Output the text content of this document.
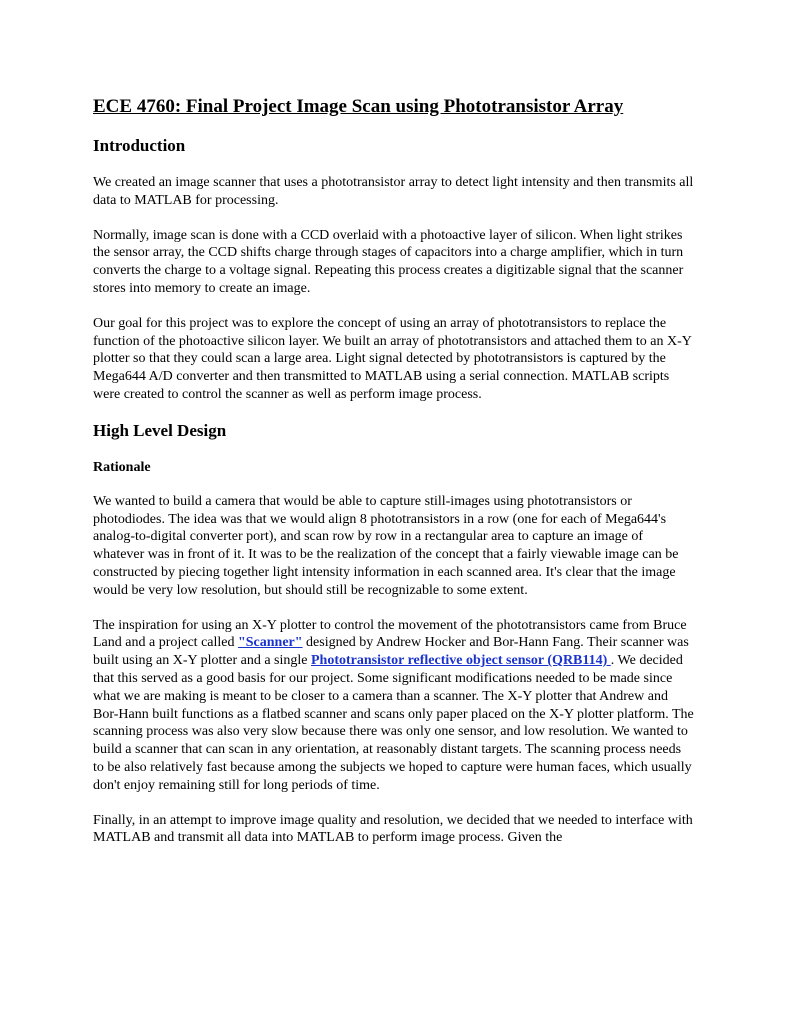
ECE 4760: Final Project Image Scan using Phototransistor Array
Introduction

We created an image scanner that uses a phototransistor array to detect light intensity and then transmits all data to MATLAB for processing.

Normally, image scan is done with a CCD overlaid with a photoactive layer of silicon. When light strikes the sensor array, the CCD shifts charge through stages of capacitors into a charge amplifier, which in turn converts the charge to a voltage signal. Repeating this process creates a digitizable signal that the scanner stores into memory to create an image.

Our goal for this project was to explore the concept of using an array of phototransistors to replace the function of the photoactive silicon layer. We built an array of phototransistors and attached them to an X-Y plotter so that they could scan a large area. Light signal detected by phototransistors is captured by the Mega644 A/D converter and then transmitted to MATLAB using a serial connection. MATLAB scripts were created to control the scanner as well as perform image process.

High Level Design
Rationale

We wanted to build a camera that would be able to capture still-images using phototransistors or photodiodes. The idea was that we would align 8 phototransistors in a row (one for each of Mega644's analog-to-digital converter port), and scan row by row in a rectangular area to capture an image of whatever was in front of it. It was to be the realization of the concept that a fairly viewable image can be constructed by piecing together light intensity information in each scanned area. It's clear that the image would be very low resolution, but should still be recognizable to some extent.

The inspiration for using an X-Y plotter to control the movement of the phototransistors came from Bruce Land and a project called "Scanner" designed by Andrew Hocker and Bor-Hann Fang. Their scanner was built using an X-Y plotter and a single Phototransistor reflective object sensor (QRB114) . We decided that this served as a good basis for our project. Some significant modifications needed to be made since what we are making is meant to be closer to a camera than a scanner. The X-Y plotter that Andrew and Bor-Hann built functions as a flatbed scanner and scans only paper placed on the X-Y plotter platform. The scanning process was also very slow because there was only one sensor, and low resolution. We wanted to build a scanner that can scan in any orientation, at reasonably distant targets. The scanning process needs to be also relatively fast because among the subjects we hoped to capture were human faces, which usually don't enjoy remaining still for long periods of time.

Finally, in an attempt to improve image quality and resolution, we decided that we needed to interface with MATLAB and transmit all data into MATLAB to perform image process. Given the
